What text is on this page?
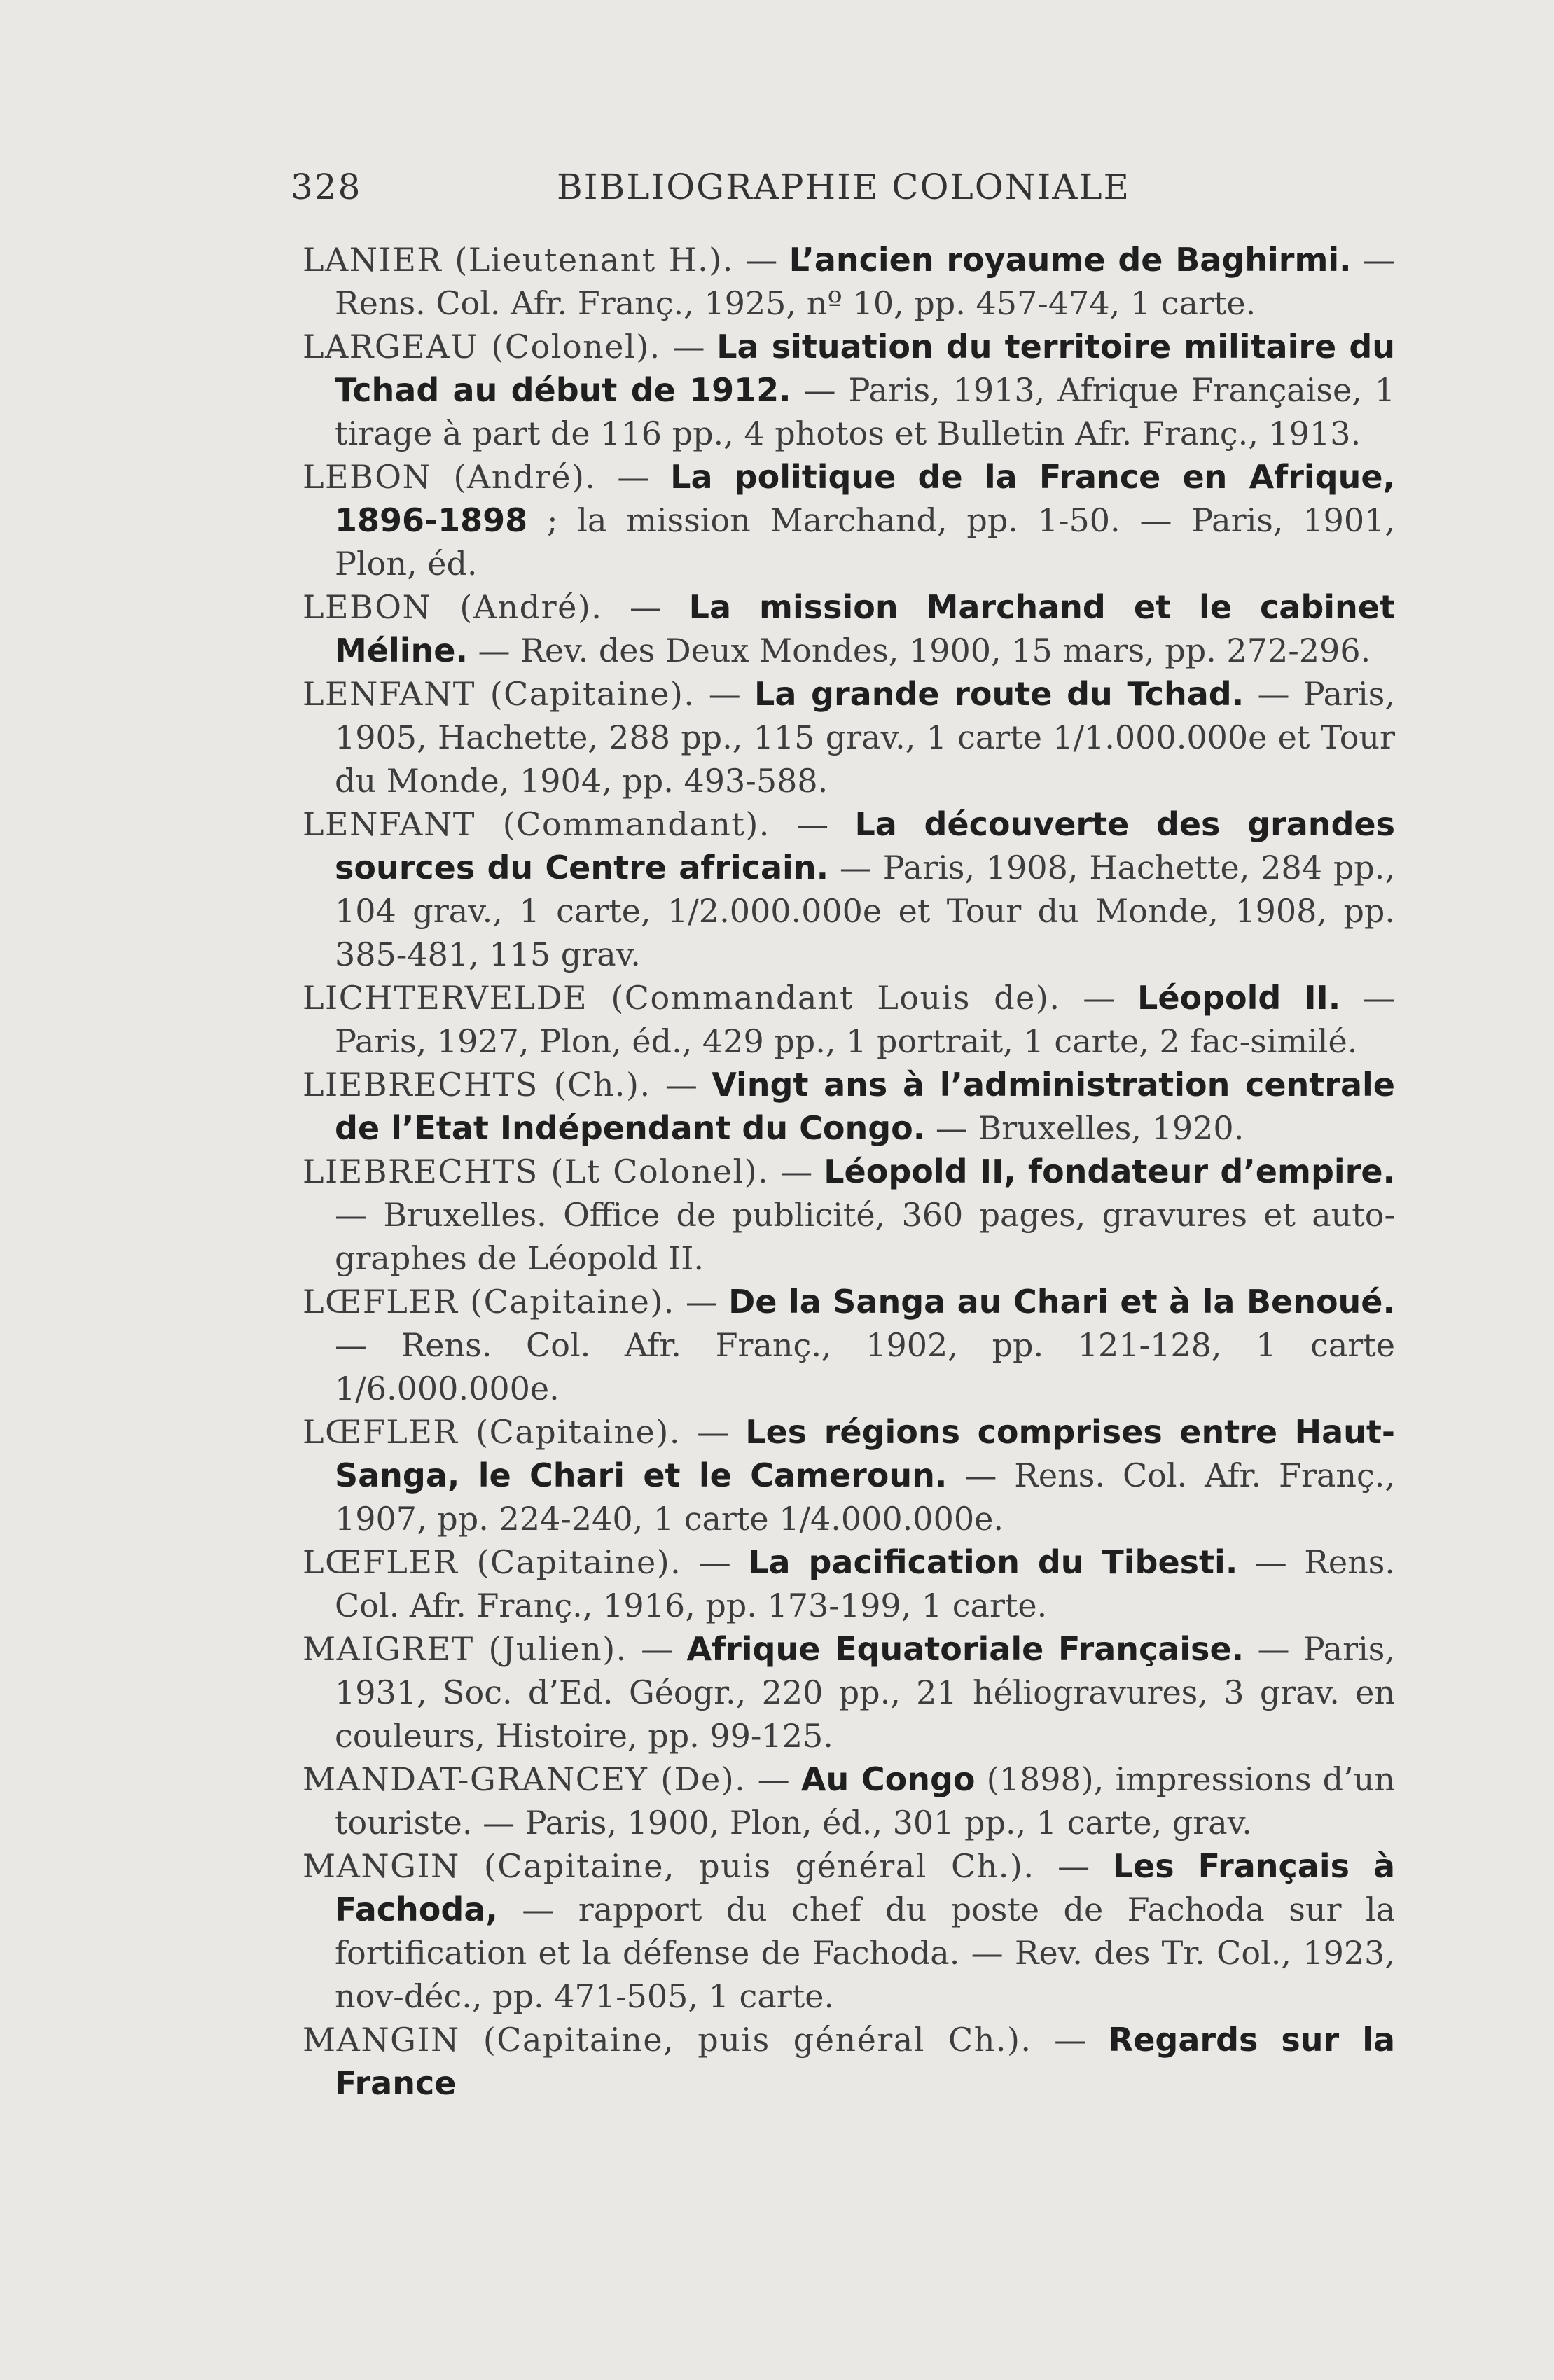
328	BIBLIOGRAPHIE COLONIALE

LANIER (Lieutenant H.). — L’ancien royaume de Baghirmi. — Rens. Col. Afr. Franç., 1925, nº 10, pp. 457-474, 1 carte.

LARGEAU (Colonel). — La situation du territoire militaire du Tchad au début de 1912. — Paris, 1913, Afrique Française, 1 tirage à part de 116 pp., 4 photos et Bulletin Afr. Franç., 1913.

LEBON (André). — La politique de la France en Afrique, 1896-1898 ; la mission Marchand, pp. 1-50. — Paris, 1901, Plon, éd.

LEBON (André). — La mission Marchand et le cabinet Méline. — Rev. des Deux Mondes, 1900, 15 mars, pp. 272-296.

LENFANT (Capitaine). — La grande route du Tchad. — Paris, 1905, Hachette, 288 pp., 115 grav., 1 carte 1/1.000.000e et Tour du Monde, 1904, pp. 493-588.

LENFANT (Commandant). — La découverte des grandes sources du Centre africain. — Paris, 1908, Hachette, 284 pp., 104 grav., 1 carte, 1/2.000.000e et Tour du Monde, 1908, pp. 385-481, 115 grav.

LICHTERVELDE (Commandant Louis de). — Léopold II. — Paris, 1927, Plon, éd., 429 pp., 1 portrait, 1 carte, 2 fac-similé.

LIEBRECHTS (Ch.). — Vingt ans à l’administration centrale de l’Etat Indépendant du Congo. — Bruxelles, 1920.

LIEBRECHTS (Lt Colonel). — Léopold II, fondateur d’empire. — Bruxelles. Office de publicité, 360 pages, gravures et auto-graphes de Léopold II.

LŒFLER (Capitaine). — De la Sanga au Chari et à la Benoué. — Rens. Col. Afr. Franç., 1902, pp. 121-128, 1 carte 1/6.000.000e.

LŒFLER (Capitaine). — Les régions comprises entre Haut-Sanga, le Chari et le Cameroun. — Rens. Col. Afr. Franç., 1907, pp. 224-240, 1 carte 1/4.000.000e.

LŒFLER (Capitaine). — La pacification du Tibesti. — Rens. Col. Afr. Franç., 1916, pp. 173-199, 1 carte.

MAIGRET (Julien). — Afrique Equatoriale Française. — Paris, 1931, Soc. d’Ed. Géogr., 220 pp., 21 héliogravures, 3 grav. en couleurs, Histoire, pp. 99-125.

MANDAT-GRANCEY (De). — Au Congo (1898), impressions d’un touriste. — Paris, 1900, Plon, éd., 301 pp., 1 carte, grav.

MANGIN (Capitaine, puis général Ch.). — Les Français à Fachoda, — rapport du chef du poste de Fachoda sur la fortification et la défense de Fachoda. — Rev. des Tr. Col., 1923, nov-déc., pp. 471-505, 1 carte.

MANGIN (Capitaine, puis général Ch.). — Regards sur la France
